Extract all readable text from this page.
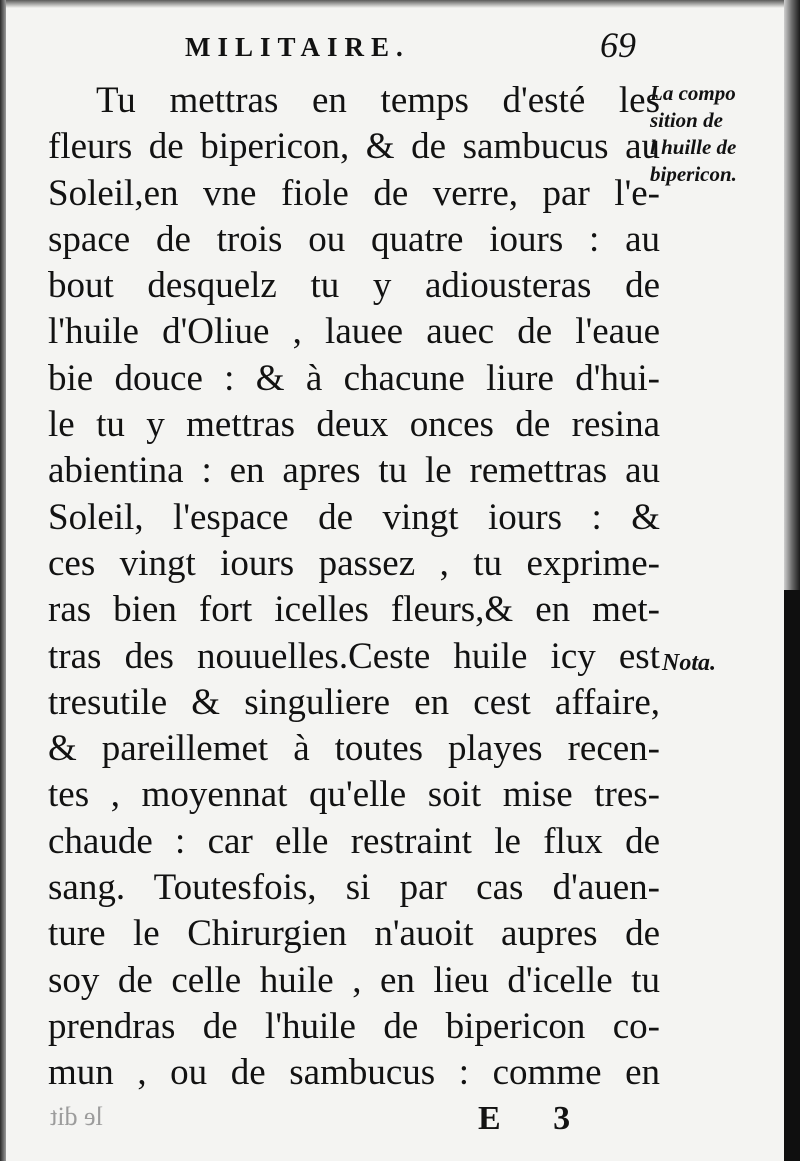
MILITAIRE.	69
Tu mettras en temps d'esté les
fleurs de bipericon, & de sambucus au
Soleil,en vne fiole de verre, par l'e-
space de trois ou quatre iours : au
bout desquelz tu y adiousteras de
l'huile d'Oliue , lauee auec de l'eaue
bie douce : & à chacune liure d'hui-
le tu y mettras deux onces de resina
abientina : en apres tu le remettras au
Soleil, l'espace de vingt iours : &
ces vingt iours passez , tu exprime-
ras bien fort icelles fleurs,& en met-
tras des nouuelles.Ceste huile icy est
tresutile & singuliere en cest affaire,
& pareillemet à toutes playes recen-
tes , moyennat qu'elle soit mise tres-
chaude : car elle restraint le flux de
sang. Toutesfois, si par cas d'auen-
ture le Chirurgien n'auoit aupres de
soy de celle huile , en lieu d'icelle tu
prendras de l'huile de bipericon co-
mun , ou de sambucus : comme en
La compo
sition de
l huille de
bipericon.
Nota.
le dit	E 3
